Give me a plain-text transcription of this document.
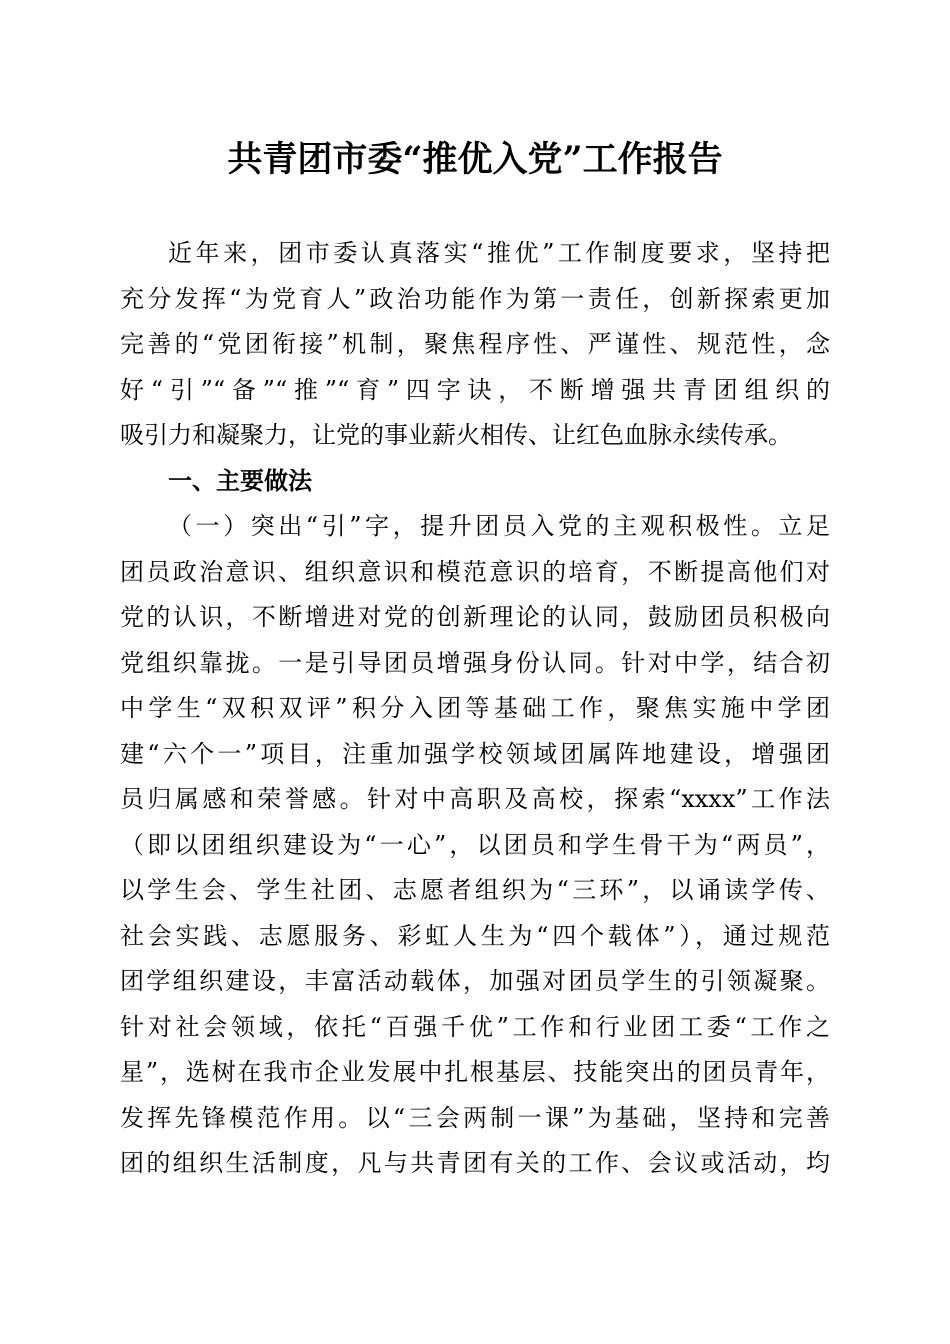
共青团市委“推优入党”工作报告
近年来，团市委认真落实“推优”工作制度要求，坚持把
充分发挥“为党育人”政治功能作为第一责任，创新探索更加
完善的“党团衔接”机制，聚焦程序性、严谨性、规范性，念
好“引”“备”“推”“育”四字诀，不断增强共青团组织的
吸引力和凝聚力，让党的事业薪火相传、让红色血脉永续传承。
一、主要做法
（一）突出“引”字，提升团员入党的主观积极性。立足
团员政治意识、组织意识和模范意识的培育，不断提高他们对
党的认识，不断增进对党的创新理论的认同，鼓励团员积极向
党组织靠拢。一是引导团员增强身份认同。针对中学，结合初
中学生“双积双评”积分入团等基础工作，聚焦实施中学团
建“六个一”项目，注重加强学校领域团属阵地建设，增强团
员归属感和荣誉感。针对中高职及高校，探索“xxxx”工作法
（即以团组织建设为“一心”，以团员和学生骨干为“两员”，
以学生会、学生社团、志愿者组织为“三环”，以诵读学传、
社会实践、志愿服务、彩虹人生为“四个载体”），通过规范
团学组织建设，丰富活动载体，加强对团员学生的引领凝聚。
针对社会领域，依托“百强千优”工作和行业团工委“工作之
星”，选树在我市企业发展中扎根基层、技能突出的团员青年，
发挥先锋模范作用。以“三会两制一课”为基础，坚持和完善
团的组织生活制度，凡与共青团有关的工作、会议或活动，均
